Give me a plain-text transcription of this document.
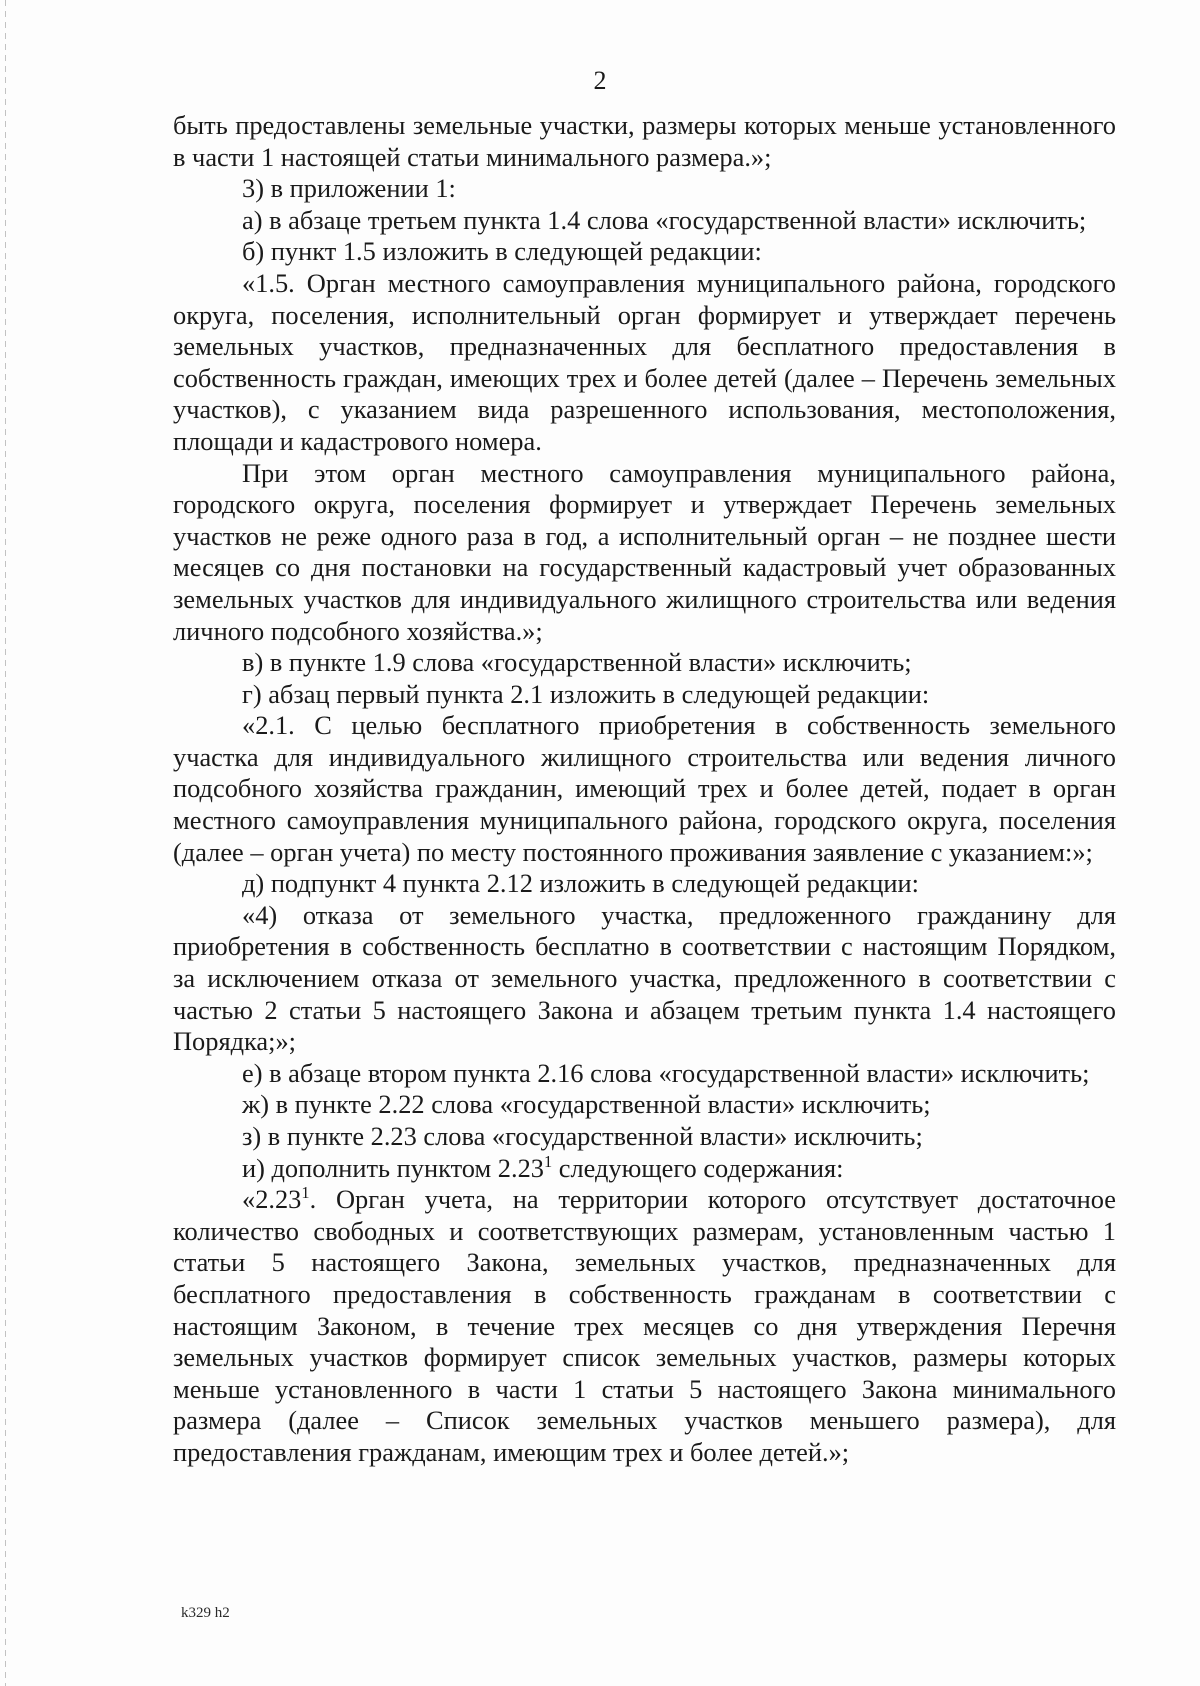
2

быть предоставлены земельные участки, размеры которых меньше установленного в части 1 настоящей статьи минимального размера.»;

3) в приложении 1:

а) в абзаце третьем пункта 1.4 слова «государственной власти» исключить;

б) пункт 1.5 изложить в следующей редакции:

«1.5. Орган местного самоуправления муниципального района, городского округа, поселения, исполнительный орган формирует и утверждает перечень земельных участков, предназначенных для бесплатного предоставления в собственность граждан, имеющих трех и более детей (далее – Перечень земельных участков), с указанием вида разрешенного использования, местоположения, площади и кадастрового номера.

При этом орган местного самоуправления муниципального района, городского округа, поселения формирует и утверждает Перечень земельных участков не реже одного раза в год, а исполнительный орган – не позднее шести месяцев со дня постановки на государственный кадастровый учет образованных земельных участков для индивидуального жилищного строительства или ведения личного подсобного хозяйства.»;

в) в пункте 1.9 слова «государственной власти» исключить;

г) абзац первый пункта 2.1 изложить в следующей редакции:

«2.1. С целью бесплатного приобретения в собственность земельного участка для индивидуального жилищного строительства или ведения личного подсобного хозяйства гражданин, имеющий трех и более детей, подает в орган местного самоуправления муниципального района, городского округа, поселения (далее – орган учета) по месту постоянного проживания заявление с указанием:»;

д) подпункт 4 пункта 2.12 изложить в следующей редакции:

«4) отказа от земельного участка, предложенного гражданину для приобретения в собственность бесплатно в соответствии с настоящим Порядком, за исключением отказа от земельного участка, предложенного в соответствии с частью 2 статьи 5 настоящего Закона и абзацем третьим пункта 1.4 настоящего Порядка;»;

е) в абзаце втором пункта 2.16 слова «государственной власти» исключить;

ж) в пункте 2.22 слова «государственной власти» исключить;

з) в пункте 2.23 слова «государственной власти» исключить;

и) дополнить пунктом 2.23$^1$ следующего содержания:

«2.23$^1$. Орган учета, на территории которого отсутствует достаточное количество свободных и соответствующих размерам, установленным частью 1 статьи 5 настоящего Закона, земельных участков, предназначенных для бесплатного предоставления в собственность гражданам в соответствии с настоящим Законом, в течение трех месяцев со дня утверждения Перечня земельных участков формирует список земельных участков, размеры которых меньше установленного в части 1 статьи 5 настоящего Закона минимального размера (далее – Список земельных участков меньшего размера), для предоставления гражданам, имеющим трех и более детей.»;

k329 h2
